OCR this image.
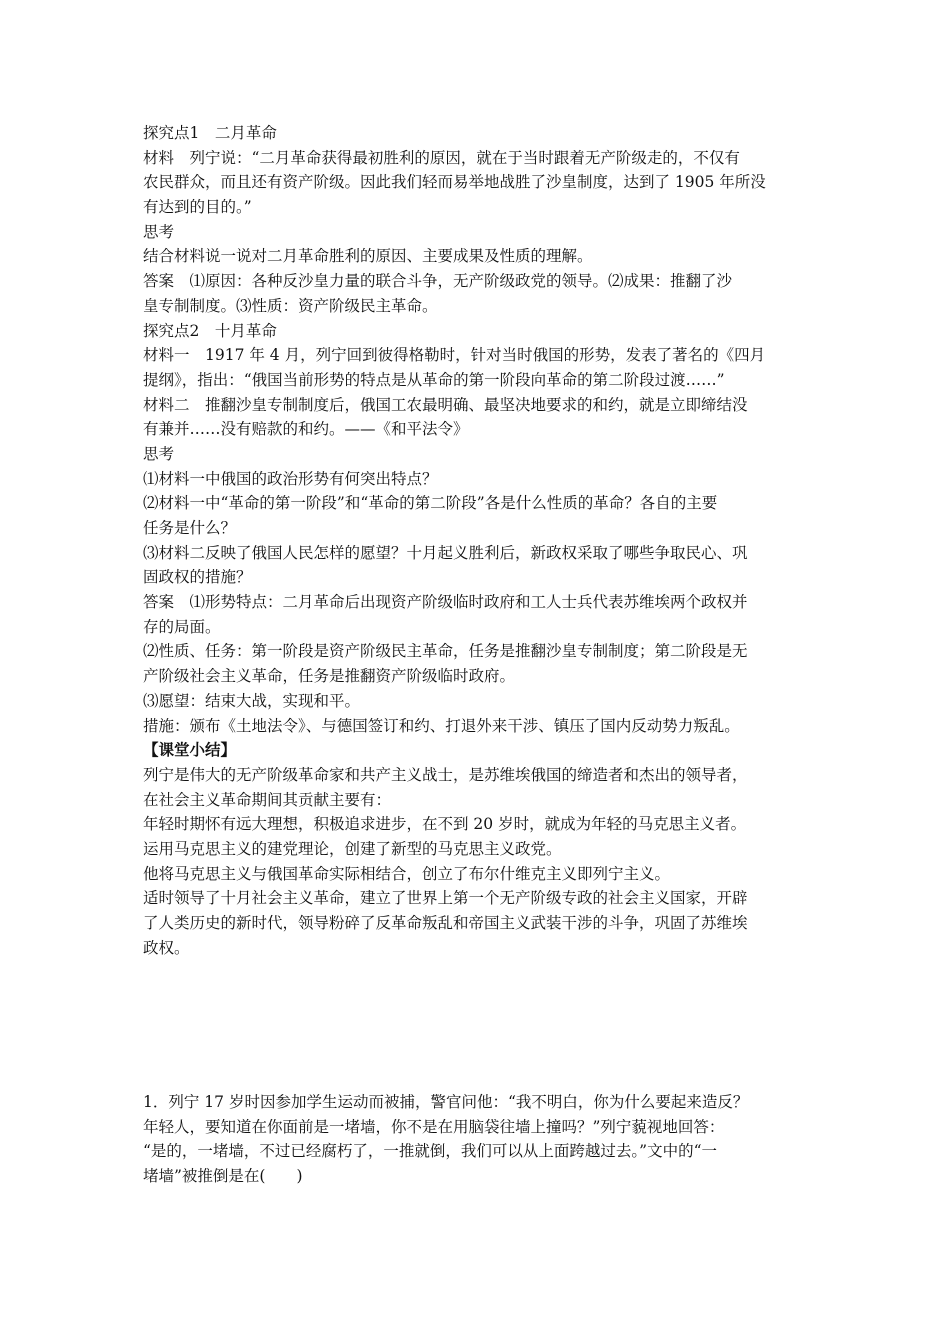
探究点1　二月革命
材料　列宁说：“二月革命获得最初胜利的原因，就在于当时跟着无产阶级走的，不仅有
农民群众，而且还有资产阶级。因此我们轻而易举地战胜了沙皇制度，达到了 1905 年所没
有达到的目的。”
思考
结合材料说一说对二月革命胜利的原因、主要成果及性质的理解。
答案　⑴原因：各种反沙皇力量的联合斗争，无产阶级政党的领导。⑵成果：推翻了沙
皇专制制度。⑶性质：资产阶级民主革命。
探究点2　十月革命
材料一　1917 年 4 月，列宁回到彼得格勒时，针对当时俄国的形势，发表了著名的《四月
提纲》，指出：“俄国当前形势的特点是从革命的第一阶段向革命的第二阶段过渡……”
材料二　推翻沙皇专制制度后，俄国工农最明确、最坚决地要求的和约，就是立即缔结没
有兼并……没有赔款的和约。——《和平法令》
思考
⑴材料一中俄国的政治形势有何突出特点？
⑵材料一中“革命的第一阶段”和“革命的第二阶段”各是什么性质的革命？各自的主要
任务是什么？
⑶材料二反映了俄国人民怎样的愿望？十月起义胜利后，新政权采取了哪些争取民心、巩
固政权的措施？
答案　⑴形势特点：二月革命后出现资产阶级临时政府和工人士兵代表苏维埃两个政权并
存的局面。
⑵性质、任务：第一阶段是资产阶级民主革命，任务是推翻沙皇专制制度；第二阶段是无
产阶级社会主义革命，任务是推翻资产阶级临时政府。
⑶愿望：结束大战，实现和平。
措施：颁布《土地法令》、与德国签订和约、打退外来干涉、镇压了国内反动势力叛乱。
【课堂小结】
列宁是伟大的无产阶级革命家和共产主义战士，是苏维埃俄国的缔造者和杰出的领导者，
在社会主义革命期间其贡献主要有：
年轻时期怀有远大理想，积极追求进步，在不到 20 岁时，就成为年轻的马克思主义者。
运用马克思主义的建党理论，创建了新型的马克思主义政党。
他将马克思主义与俄国革命实际相结合，创立了布尔什维克主义即列宁主义。
适时领导了十月社会主义革命，建立了世界上第一个无产阶级专政的社会主义国家，开辟
了人类历史的新时代，领导粉碎了反革命叛乱和帝国主义武装干涉的斗争，巩固了苏维埃
政权。
1．列宁 17 岁时因参加学生运动而被捕，警官问他：“我不明白，你为什么要起来造反？
年轻人，要知道在你面前是一堵墙，你不是在用脑袋往墙上撞吗？”列宁藐视地回答：
“是的，一堵墙，不过已经腐朽了，一推就倒，我们可以从上面跨越过去。”文中的“一
堵墙”被推倒是在(　　)
